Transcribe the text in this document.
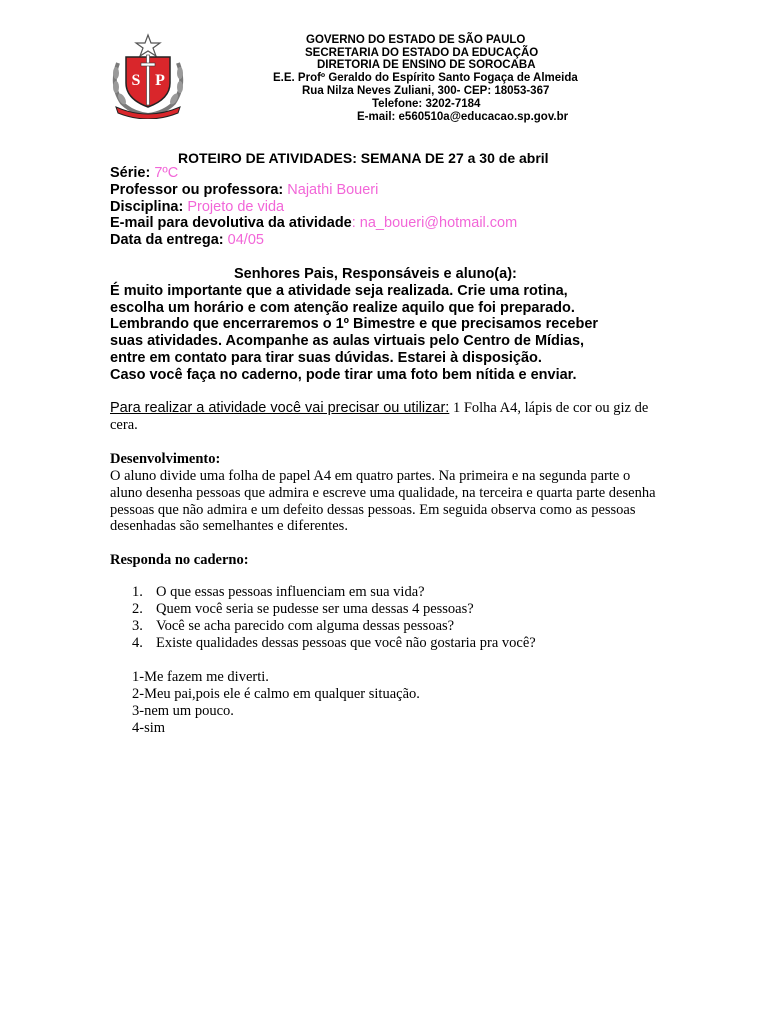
S P
GOVERNO DO ESTADO DE SÃO PAULO
SECRETARIA DO ESTADO DA EDUCAÇÃO
DIRETORIA DE ENSINO DE SOROCABA
E.E. Profº Geraldo do Espírito Santo Fogaça de Almeida
Rua Nilza Neves Zuliani, 300- CEP: 18053-367
Telefone: 3202-7184
E-mail: e560510a@educacao.sp.gov.br
ROTEIRO DE ATIVIDADES: SEMANA DE 27 a 30 de abril
Série: 7ºC
Professor ou professora: Najathi Boueri
Disciplina: Projeto de vida
E-mail para devolutiva da atividade: na_boueri@hotmail.com
Data da entrega: 04/05
Senhores Pais, Responsáveis e aluno(a):
É muito importante que a atividade seja realizada. Crie uma rotina,
escolha um horário e com atenção realize aquilo que foi preparado.
Lembrando que encerraremos o 1º Bimestre e que precisamos receber
suas atividades. Acompanhe as aulas virtuais pelo Centro de Mídias,
entre em contato para tirar suas dúvidas. Estarei à disposição.
Caso você faça no caderno, pode tirar uma foto bem nítida e enviar.
Para realizar a atividade você vai precisar ou utilizar: 1 Folha A4, lápis de cor ou giz de cera.
Desenvolvimento:
O aluno divide uma folha de papel A4 em quatro partes. Na primeira e na segunda parte o aluno desenha pessoas que admira e escreve uma qualidade, na terceira e quarta parte desenha pessoas que não admira e um defeito dessas pessoas. Em seguida observa como as pessoas desenhadas são semelhantes e diferentes.
Responda no caderno:
1. O que essas pessoas influenciam em sua vida?
2. Quem você seria se pudesse ser uma dessas 4 pessoas?
3. Você se acha parecido com alguma dessas pessoas?
4. Existe qualidades dessas pessoas que você não gostaria pra você?
1-Me fazem me diverti.
2-Meu pai,pois ele é calmo em qualquer situação.
3-nem um pouco.
4-sim
